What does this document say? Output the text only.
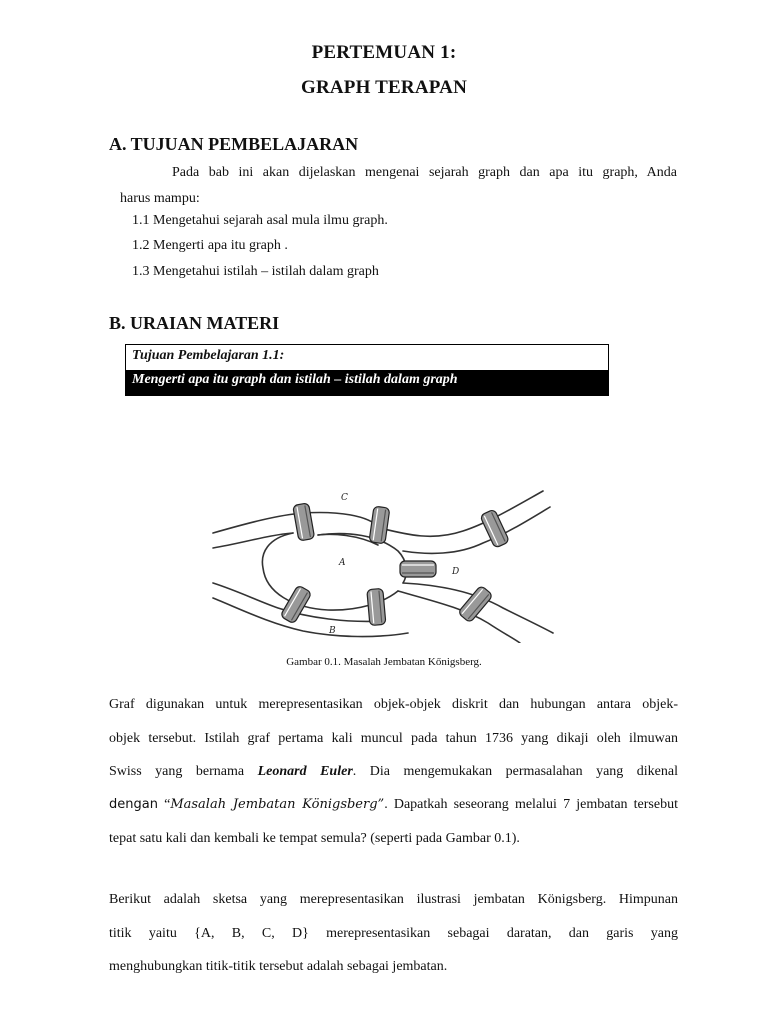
PERTEMUAN 1:
GRAPH TERAPAN
A. TUJUAN PEMBELAJARAN
Pada bab ini akan dijelaskan mengenai sejarah graph dan apa itu graph, Anda
harus mampu:
1.1 Mengetahui sejarah asal mula ilmu graph.
1.2 Mengerti apa itu graph .
1.3 Mengetahui istilah – istilah dalam graph
B. URAIAN MATERI
Tujuan Pembelajaran 1.1:
Mengerti apa itu graph dan istilah – istilah dalam graph
C
A
D
B
Gambar 0.1. Masalah Jembatan Kőnigsberg.
Graf digunakan untuk merepresentasikan objek-objek diskrit dan hubungan antara objek-
objek tersebut. Istilah graf pertama kali muncul pada tahun 1736 yang dikaji oleh ilmuwan
Swiss yang bernama Leonard Euler. Dia mengemukakan permasalahan yang dikenal
dengan “Masalah Jembatan Königsberg”. Dapatkah seseorang melalui 7 jembatan tersebut
tepat satu kali dan kembali ke tempat semula? (seperti pada Gambar 0.1).
Berikut adalah sketsa yang merepresentasikan ilustrasi jembatan Königsberg. Himpunan
titik yaitu {A, B, C, D} merepresentasikan sebagai daratan, dan garis yang
menghubungkan titik-titik tersebut adalah sebagai jembatan.
